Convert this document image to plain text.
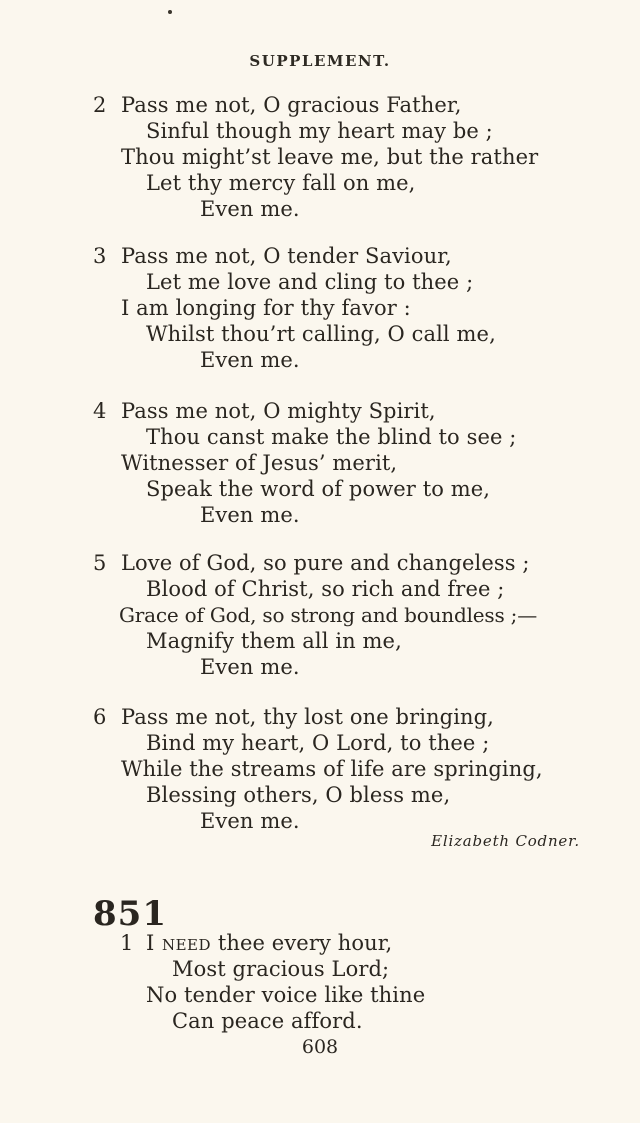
SUPPLEMENT.
2 Pass me not, O gracious Father,
Sinful though my heart may be ;
Thou might’st leave me, but the rather
Let thy mercy fall on me,
Even me.
3 Pass me not, O tender Saviour,
Let me love and cling to thee ;
I am longing for thy favor :
Whilst thou’rt calling, O call me,
Even me.
4 Pass me not, O mighty Spirit,
Thou canst make the blind to see ;
Witnesser of Jesus’ merit,
Speak the word of power to me,
Even me.
5 Love of God, so pure and changeless ;
Blood of Christ, so rich and free ;
Grace of God, so strong and boundless ;—
Magnify them all in me,
Even me.
6 Pass me not, thy lost one bringing,
Bind my heart, O Lord, to thee ;
While the streams of life are springing,
Blessing others, O bless me,
Even me.
Elizabeth Codner.
851
1 I need thee every hour,
Most gracious Lord;
No tender voice like thine
Can peace afford.
608
